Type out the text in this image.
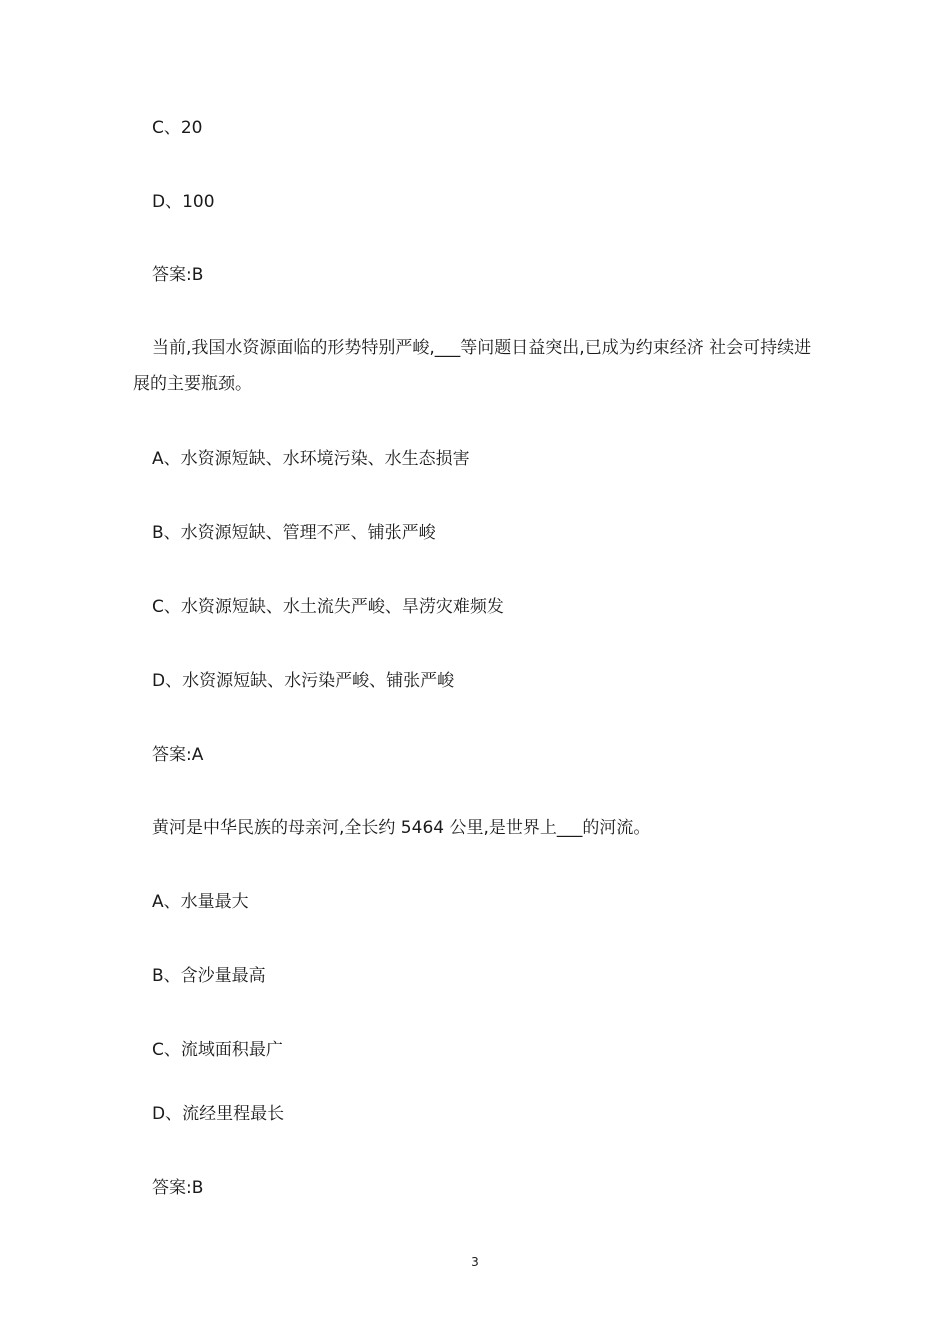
C、20
D、100
答案:B
当前,我国水资源面临的形势特别严峻,___等问题日益突出,已成为约束经济 社会可持续进展的主要瓶颈。
A、水资源短缺、水环境污染、水生态损害
B、水资源短缺、管理不严、铺张严峻
C、水资源短缺、水土流失严峻、旱涝灾难频发
D、水资源短缺、水污染严峻、铺张严峻
答案:A
黄河是中华民族的母亲河,全长约 5464 公里,是世界上___的河流。
A、水量最大
B、含沙量最高
C、流域面积最广
D、流经里程最长
答案:B
3
